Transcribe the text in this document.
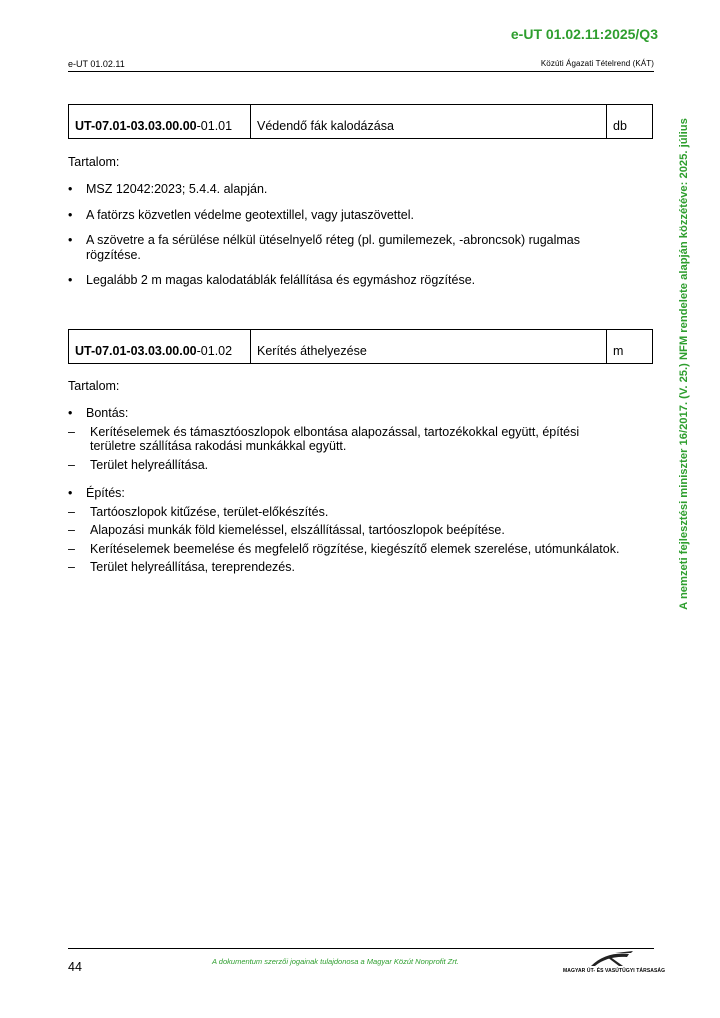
e-UT 01.02.11:2025/Q3
e-UT 01.02.11	Közúti Ágazati Tételrend (KÁT)
A nemzeti fejlesztési miniszter 16/2017. (V. 25.) NFM rendelete alapján közzétéve: 2025. július
UT-07.01-03.03.00.00 -01.01	Védendő fák kalodázása	db
Tartalom:
• MSZ 12042:2023; 5.4.4. alapján.
• A fatörzs közvetlen védelme geotextillel, vagy jutaszövettel.
• A szövetre a fa sérülése nélkül ütéselnyelő réteg (pl. gumilemezek, -abroncsok) rugalmas rögzítése.
• Legalább 2 m magas kalodatáblák felállítása és egymáshoz rögzítése.
UT-07.01-03.03.00.00 -01.02	Kerítés áthelyezése	m
Tartalom:
• Bontás:
– Kerítéselemek és támasztóoszlopok elbontása alapozással, tartozékokkal együtt, építési területre szállítása rakodási munkákkal együtt.
– Terület helyreállítása.
• Építés:
– Tartóoszlopok kitűzése, terület-előkészítés.
– Alapozási munkák föld kiemeléssel, elszállítással, tartóoszlopok beépítése.
– Kerítéselemek beemelése és megfelelő rögzítése, kiegészítő elemek szerelése, utómunkálatok.
– Terület helyreállítása, tereprendezés.
44	A dokumentum szerzői jogainak tulajdonosa a Magyar Közút Nonprofit Zrt.
MAGYAR ÚT- ÉS VASÚTÜGYI TÁRSASÁG
